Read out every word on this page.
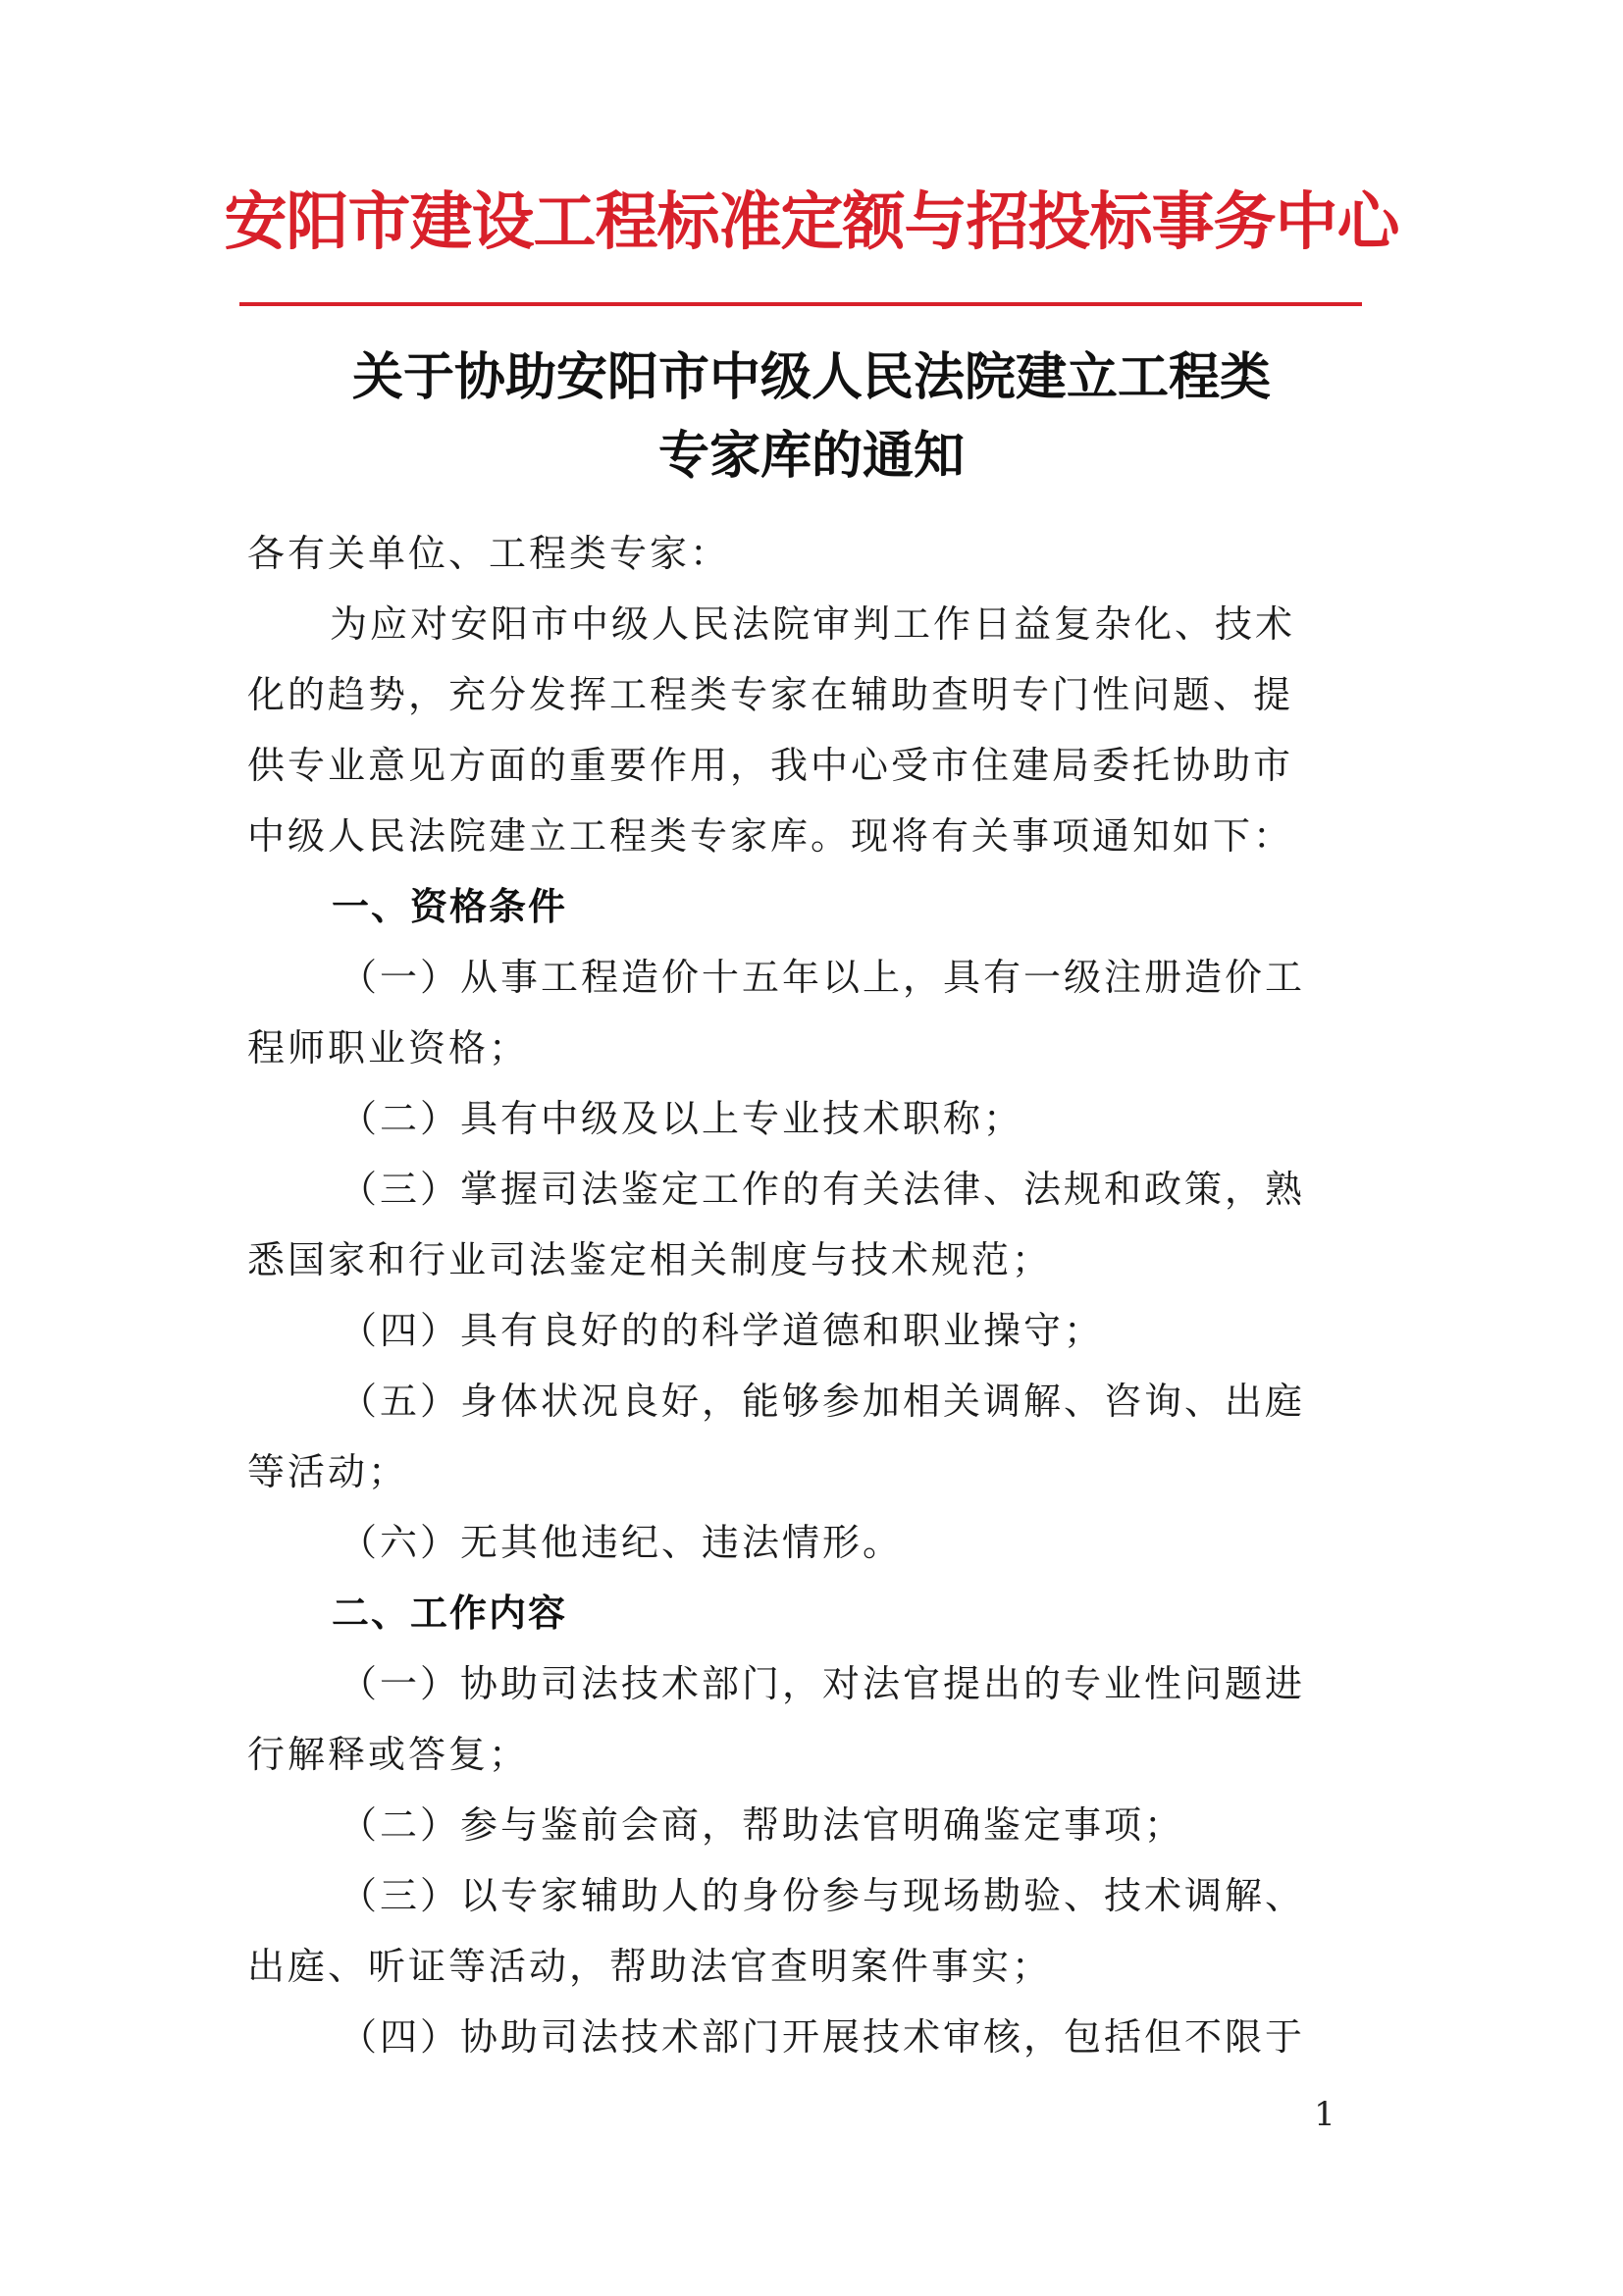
安阳市建设工程标准定额与招投标事务中心
关于协助安阳市中级人民法院建立工程类
专家库的通知
各有关单位、工程类专家：
为应对安阳市中级人民法院审判工作日益复杂化、技术
化的趋势，充分发挥工程类专家在辅助查明专门性问题、提
供专业意见方面的重要作用，我中心受市住建局委托协助市
中级人民法院建立工程类专家库。现将有关事项通知如下：
一、资格条件
（一）从事工程造价十五年以上，具有一级注册造价工
程师职业资格；
（二）具有中级及以上专业技术职称；
（三）掌握司法鉴定工作的有关法律、法规和政策，熟
悉国家和行业司法鉴定相关制度与技术规范；
（四）具有良好的的科学道德和职业操守；
（五）身体状况良好，能够参加相关调解、咨询、出庭
等活动；
（六）无其他违纪、违法情形。
二、工作内容
（一）协助司法技术部门，对法官提出的专业性问题进
行解释或答复；
（二）参与鉴前会商，帮助法官明确鉴定事项；
（三）以专家辅助人的身份参与现场勘验、技术调解、
出庭、听证等活动，帮助法官查明案件事实；
（四）协助司法技术部门开展技术审核，包括但不限于
1
